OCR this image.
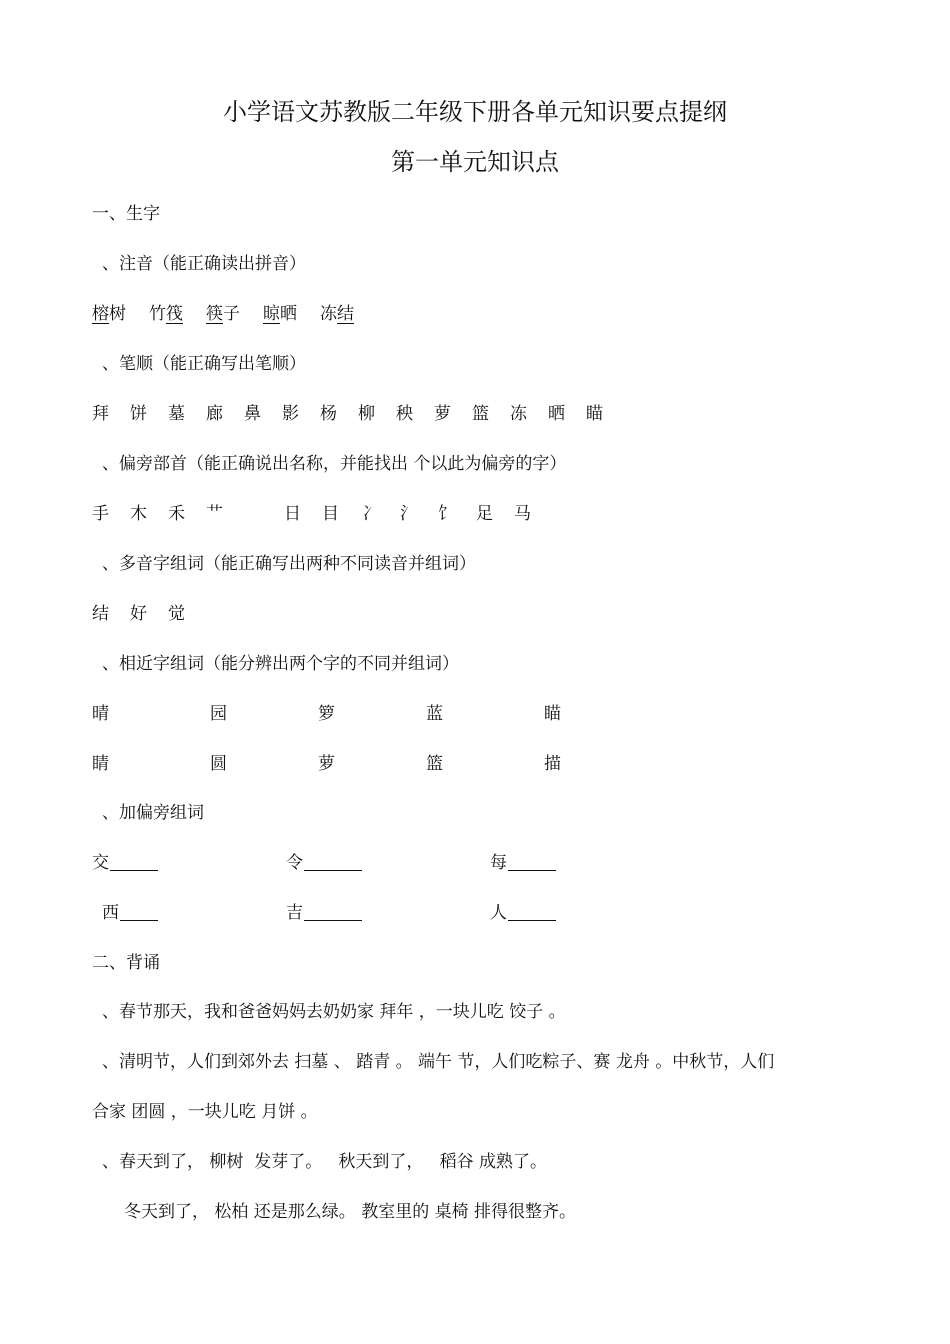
小学语文苏教版二年级下册各单元知识要点提纲
第一单元知识点
一、生字
、注音（能正确读出拼音）
榕树 竹筏 筷子 晾晒 冻结
、笔顺（能正确写出笔顺）
拜 饼 墓 廊 鼻 影 杨 柳 秧 萝 篮 冻 晒 瞄
、偏旁部首（能正确说出名称，并能找出 个以此为偏旁的字）
手 木 禾 艹	日 目 冫 氵 饣 足 马
、多音字组词（能正确写出两种不同读音并组词）
结 好 觉
、相近字组词（能分辨出两个字的不同并组词）
晴	园	箩	蓝	瞄
睛	圆	萝	篮	描
、加偏旁组词
交	令	每
西	吉	人
二、背诵
、春节那天，我和爸爸妈妈去奶奶家 拜年 ，一块儿吃 饺子 。
、清明节，人们到郊外去 扫墓 、 踏青 。 端午 节，人们吃粽子、赛 龙舟 。中秋节，人们
合家 团圆 ，一块儿吃 月饼 。
、春天到了， 柳树  发芽了。   秋天到了，   稻谷 成熟了。
冬天到了， 松柏 还是那么绿。 教室里的 桌椅 排得很整齐。
